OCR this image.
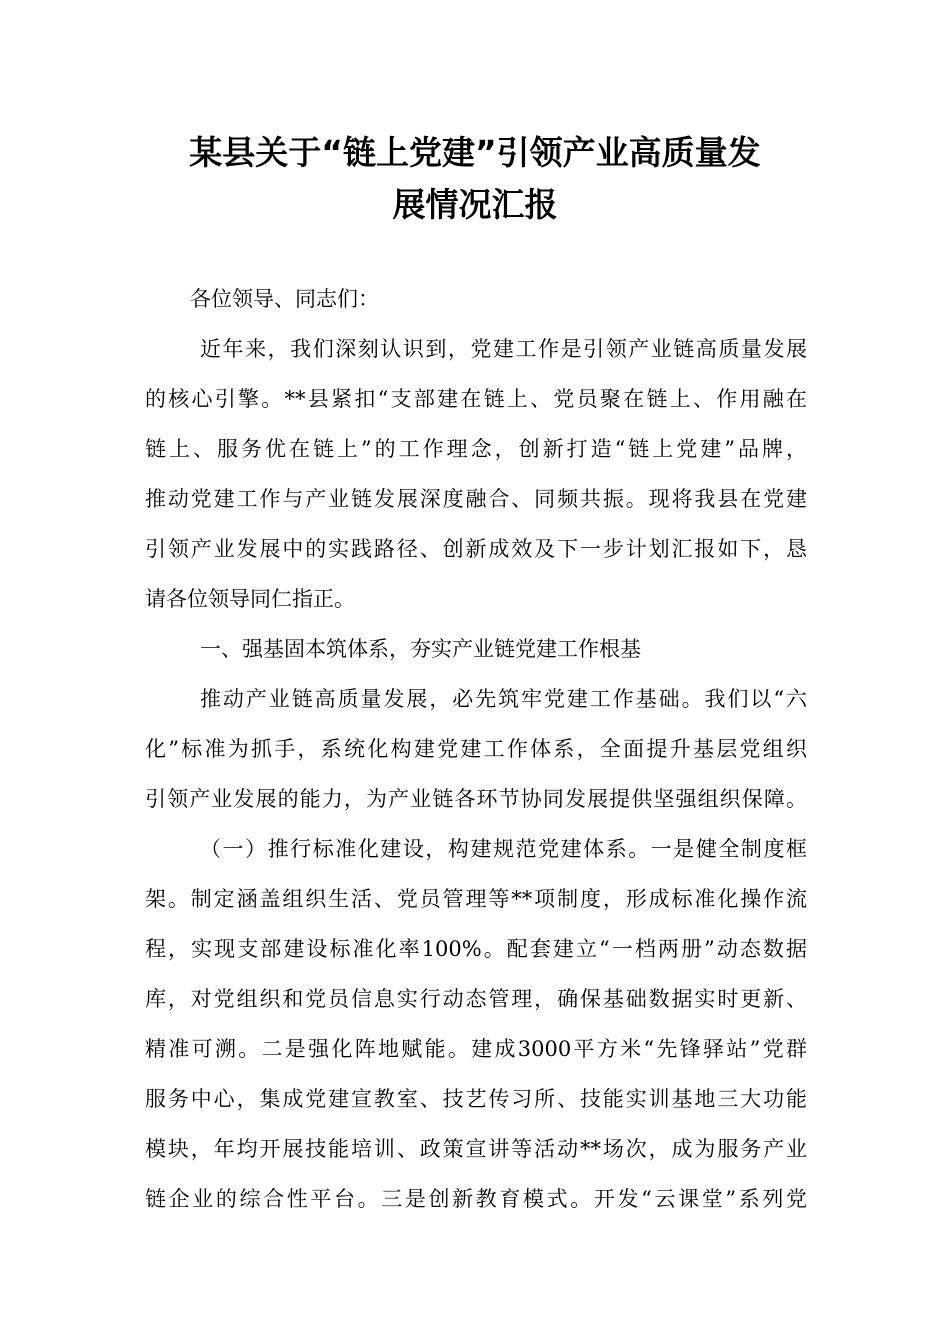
某县关于“链上党建”引领产业高质量发
展情况汇报
各位领导、同志们：
近年来，我们深刻认识到，党建工作是引领产业链高质量发展
的核心引擎。**县紧扣“支部建在链上、党员聚在链上、作用融在
链上、服务优在链上”的工作理念，创新打造“链上党建”品牌，
推动党建工作与产业链发展深度融合、同频共振。现将我县在党建
引领产业发展中的实践路径、创新成效及下一步计划汇报如下，恳
请各位领导同仁指正。
一、强基固本筑体系，夯实产业链党建工作根基
推动产业链高质量发展，必先筑牢党建工作基础。我们以“六
化”标准为抓手，系统化构建党建工作体系，全面提升基层党组织
引领产业发展的能力，为产业链各环节协同发展提供坚强组织保障。
（一）推行标准化建设，构建规范党建体系。一是健全制度框
架。制定涵盖组织生活、党员管理等**项制度，形成标准化操作流
程，实现支部建设标准化率100%。配套建立“一档两册”动态数据
库，对党组织和党员信息实行动态管理，确保基础数据实时更新、
精准可溯。二是强化阵地赋能。建成3000平方米“先锋驿站”党群
服务中心，集成党建宣教室、技艺传习所、技能实训基地三大功能
模块，年均开展技能培训、政策宣讲等活动**场次，成为服务产业
链企业的综合性平台。三是创新教育模式。开发“云课堂”系列党
